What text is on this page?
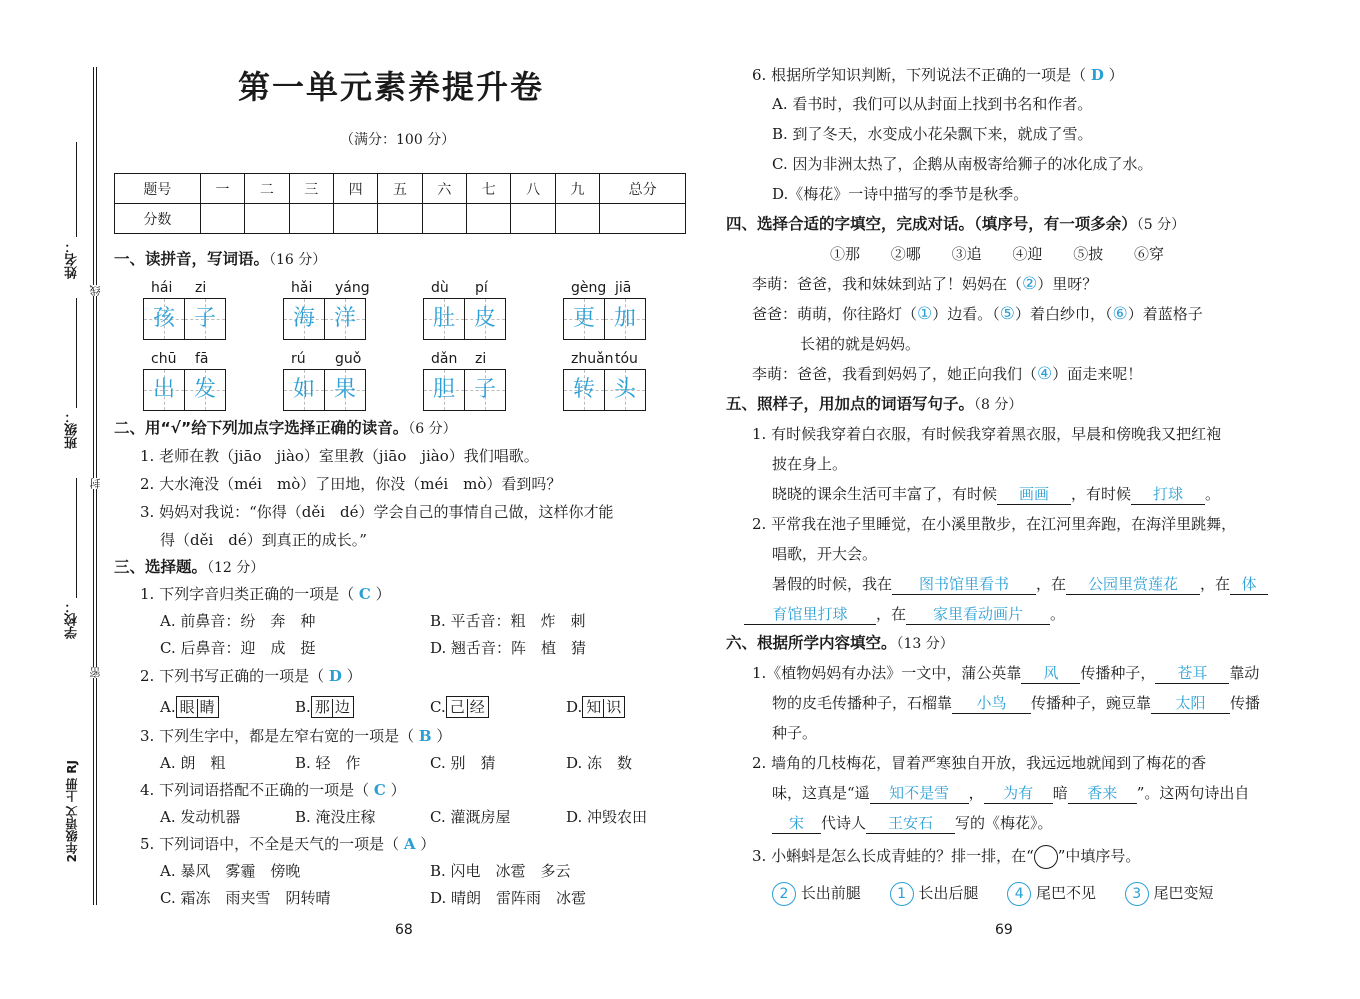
姓名：
班级：
学校：
线
封
密
2年级语文 上册 RJ
第一单元素养提升卷
（满分：100 分）
题号	一	二	三	四	五	六	七	八	九	总分
分数										
一、读拼音，写词语。（16 分）
hái zi
孩 子
hǎi yáng
海 洋
dù pí
肚 皮
gèng jiā
更 加
chū fā
出 发
rú guǒ
如 果
dǎn zi
胆 子
zhuǎn tóu
转 头
二、用“√”给下列加点字选择正确的读音。（6 分）
1. 老师在教（jiāo　jiào）室里教（jiāo　jiào）我们唱歌。
2. 大水淹没（méi　mò）了田地，你没（méi　mò）看到吗？
3. 妈妈对我说：“你得（děi　dé）学会自己的事情自己做，这样你才能
得（děi　dé）到真正的成长。”
三、选择题。（12 分）
1. 下列字音归类正确的一项是（ C ）
A. 前鼻音：纷　奔　种	B. 平舌音：粗　炸　刺
C. 后鼻音：迎　成　挺	D. 翘舌音：阵　植　猜
2. 下列书写正确的一项是（ D ）
A. 眼 睛	B. 那 边	C. 己 经	D. 知 识
3. 下列生字中，都是左窄右宽的一项是（ B ）
A. 朗　粗	B. 轻　作	C. 别　猜	D. 冻　数
4. 下列词语搭配不正确的一项是（ C ）
A. 发动机器	B. 淹没庄稼	C. 灌溉房屋	D. 冲毁农田
5. 下列词语中，不全是天气的一项是（ A ）
A. 暴风　雾霾　傍晚	B. 闪电　冰雹　多云
C. 霜冻　雨夹雪　阴转晴	D. 晴朗　雷阵雨　冰雹
68
6. 根据所学知识判断，下列说法不正确的一项是（ D ）
A. 看书时，我们可以从封面上找到书名和作者。
B. 到了冬天，水变成小花朵飘下来，就成了雪。
C. 因为非洲太热了，企鹅从南极寄给狮子的冰化成了水。
D.《梅花》一诗中描写的季节是秋季。
四、选择合适的字填空，完成对话。（填序号，有一项多余）（5 分）
①那 ②哪 ③追 ④迎 ⑤披 ⑥穿
李萌：爸爸，我和妹妹到站了！妈妈在（②）里呀？
爸爸：萌萌，你往路灯（①）边看。（⑤）着白纱巾，（⑥）着蓝格子
长裙的就是妈妈。
李萌：爸爸，我看到妈妈了，她正向我们（④）面走来呢！
五、照样子，用加点的词语写句子。（8 分）
1. 有时候我穿着白衣服，有时候我穿着黑衣服，早晨和傍晚我又把红袍
披在身上。
晓晓的课余生活可丰富了，有时候 画画 ，有时候 打球 。
2. 平常我在池子里睡觉，在小溪里散步，在江河里奔跑，在海洋里跳舞，
唱歌，开大会。
暑假的时候，我在 图书馆里看书 ，在 公园里赏莲花 ，在 体
育馆里打球 ，在 家里看动画片 。
六、根据所学内容填空。（13 分）
1.《植物妈妈有办法》一文中，蒲公英靠 风 传播种子， 苍耳 靠动
物的皮毛传播种子，石榴靠 小鸟 传播种子，豌豆靠 太阳 传播
种子。
2. 墙角的几枝梅花，冒着严寒独自开放，我远远地就闻到了梅花的香
味，这真是“遥 知不是雪 ， 为有 暗 香来 ”。这两句诗出自
宋 代诗人 王安石 写的《梅花》。
3. 小蝌蚪是怎么长成青蛙的？排一排，在“ ”中填序号。
2 长出前腿	1 长出后腿	4 尾巴不见	3 尾巴变短
69
